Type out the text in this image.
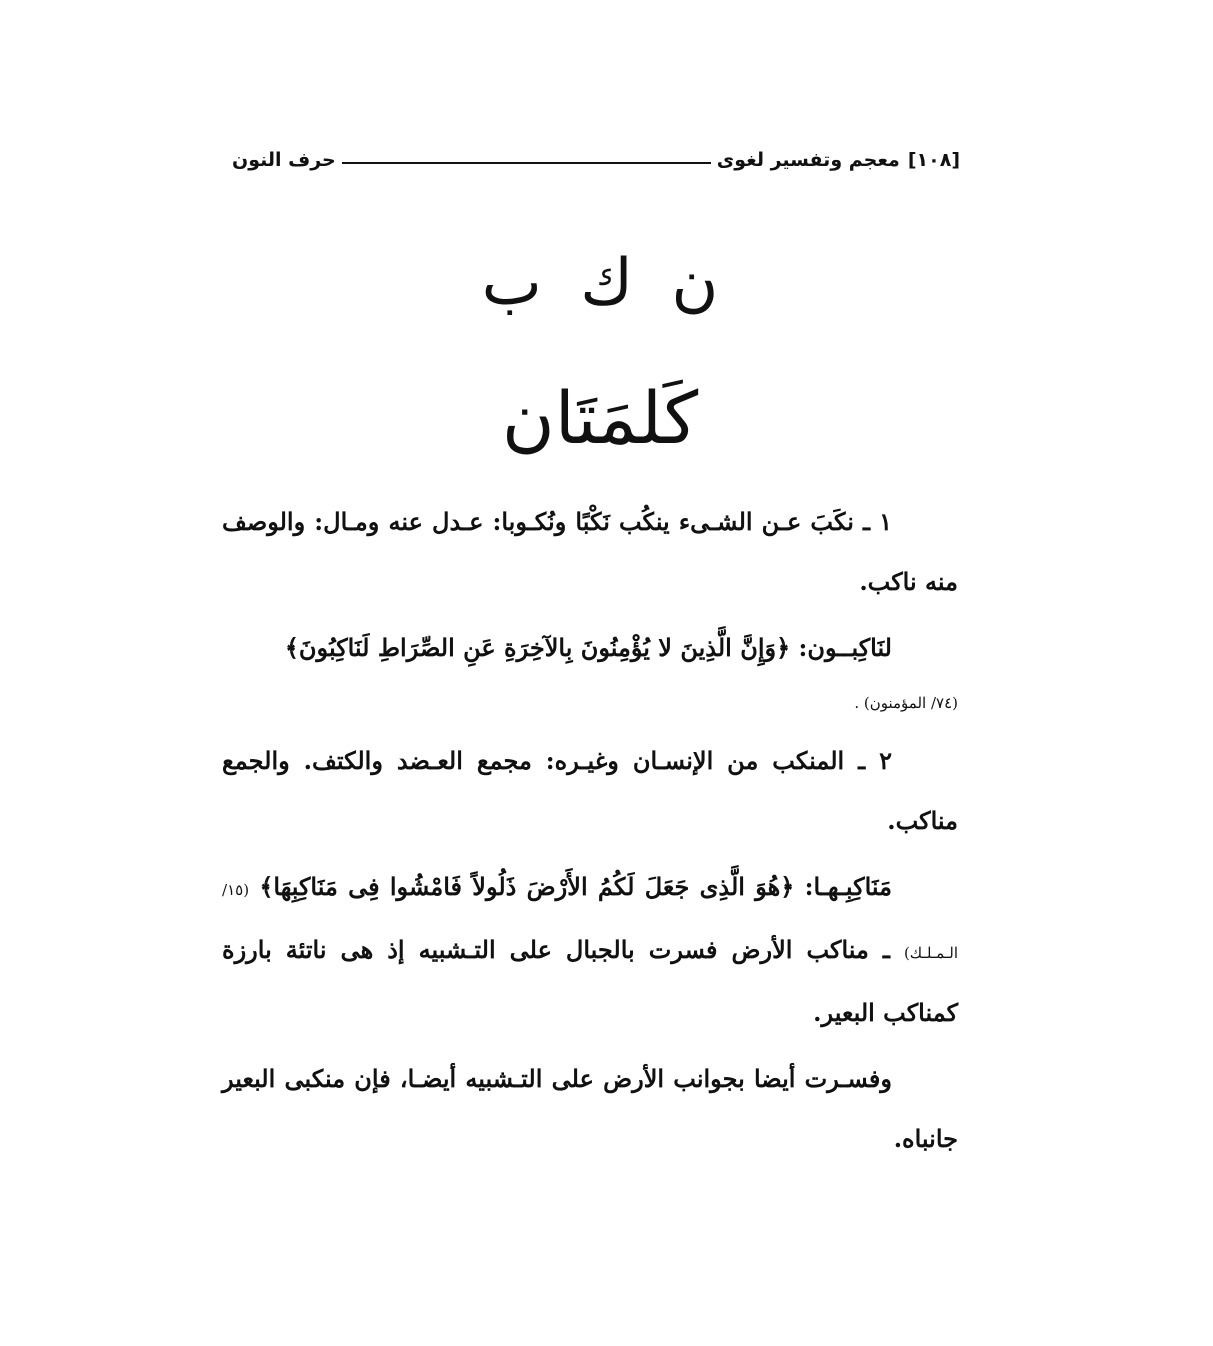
[١٠٨]
معجم وتفسير لغوى
حرف النون
ن ك ب
كَلمَتَان

١ ـ نكَبَ عـن الشـىء ينكُب نَكْبًا ونُكـوبا: عـدل عنه ومـال: والوصف منه ناكب.

لنَاكِبــون: ﴿وَإِنَّ الَّذِينَ لا يُؤْمِنُونَ بِالآخِرَةِ عَنِ الصِّرَاطِ لَنَاكِبُونَ﴾

(٧٤/ المؤمنون) .

٢ ـ المنكب من الإنسـان وغيـره: مجمع العـضد والكتف. والجمع مناكب.

مَنَاكِبِـهـا: ﴿هُوَ الَّذِى جَعَلَ لَكُمُ الأَرْضَ ذَلُولاً فَامْشُوا فِى مَنَاكِبِهَا﴾ (١٥/ الـمـلـك) ـ مناكب الأرض فسرت بالجبال على التـشبيه إذ هى ناتئة بارزة كمناكب البعير.

وفسـرت أيضا بجوانب الأرض على التـشبيه أيضـا، فإن منكبى البعير جانباه.
